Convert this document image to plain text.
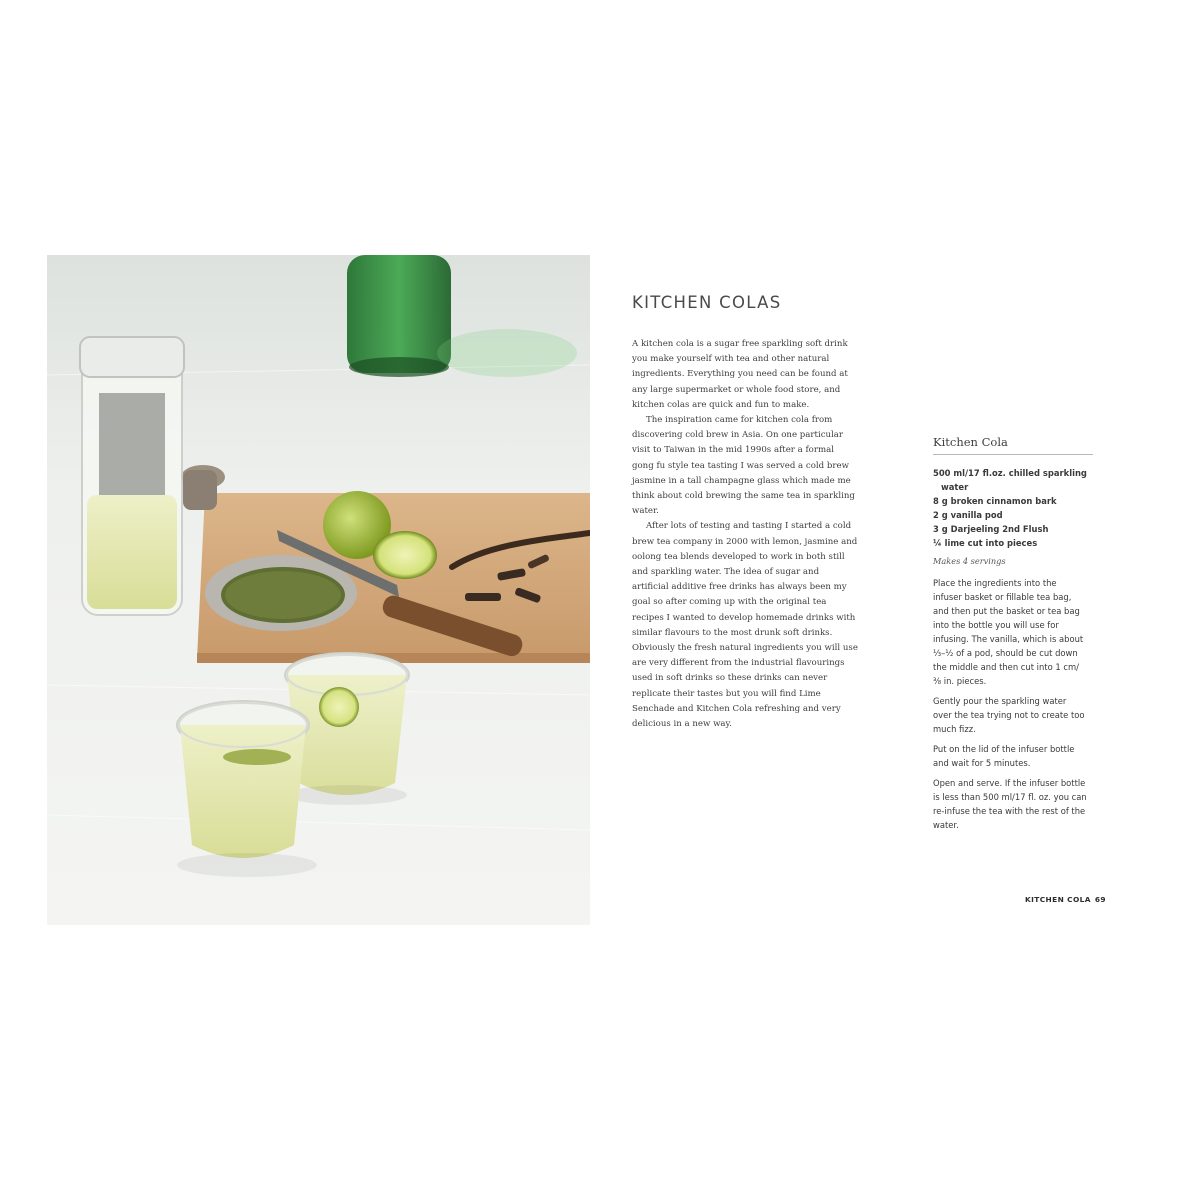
KITCHEN COLAS

A kitchen cola is a sugar free sparkling soft drink you make yourself with tea and other natural ingredients. Everything you need can be found at any large supermarket or whole food store, and kitchen colas are quick and fun to make.

The inspiration came for kitchen cola from discovering cold brew in Asia. On one particular visit to Taiwan in the mid 1990s after a formal gong fu style tea tasting I was served a cold brew jasmine in a tall champagne glass which made me think about cold brewing the same tea in sparkling water.

After lots of testing and tasting I started a cold brew tea company in 2000 with lemon, jasmine and oolong tea blends developed to work in both still and sparkling water. The idea of sugar and artificial additive free drinks has always been my goal so after coming up with the original tea recipes I wanted to develop homemade drinks with similar flavours to the most drunk soft drinks. Obviously the fresh natural ingredients you will use are very different from the industrial flavourings used in soft drinks so these drinks can never replicate their tastes but you will find Lime Senchade and Kitchen Cola refreshing and very delicious in a new way.

Kitchen Cola
500 ml/17 fl.oz. chilled sparkling water
8 g broken cinnamon bark
2 g vanilla pod
3 g Darjeeling 2nd Flush
¼ lime cut into pieces
Makes 4 servings

Place the ingredients into the infuser basket or fillable tea bag, and then put the basket or tea bag into the bottle you will use for infusing. The vanilla, which is about ⅓–½ of a pod, should be cut down the middle and then cut into 1 cm/⅜ in. pieces.

Gently pour the sparkling water over the tea trying not to create too much fizz.

Put on the lid of the infuser bottle and wait for 5 minutes.

Open and serve. If the infuser bottle is less than 500 ml/17 fl. oz. you can re-infuse the tea with the rest of the water.

KITCHEN COLA 69
